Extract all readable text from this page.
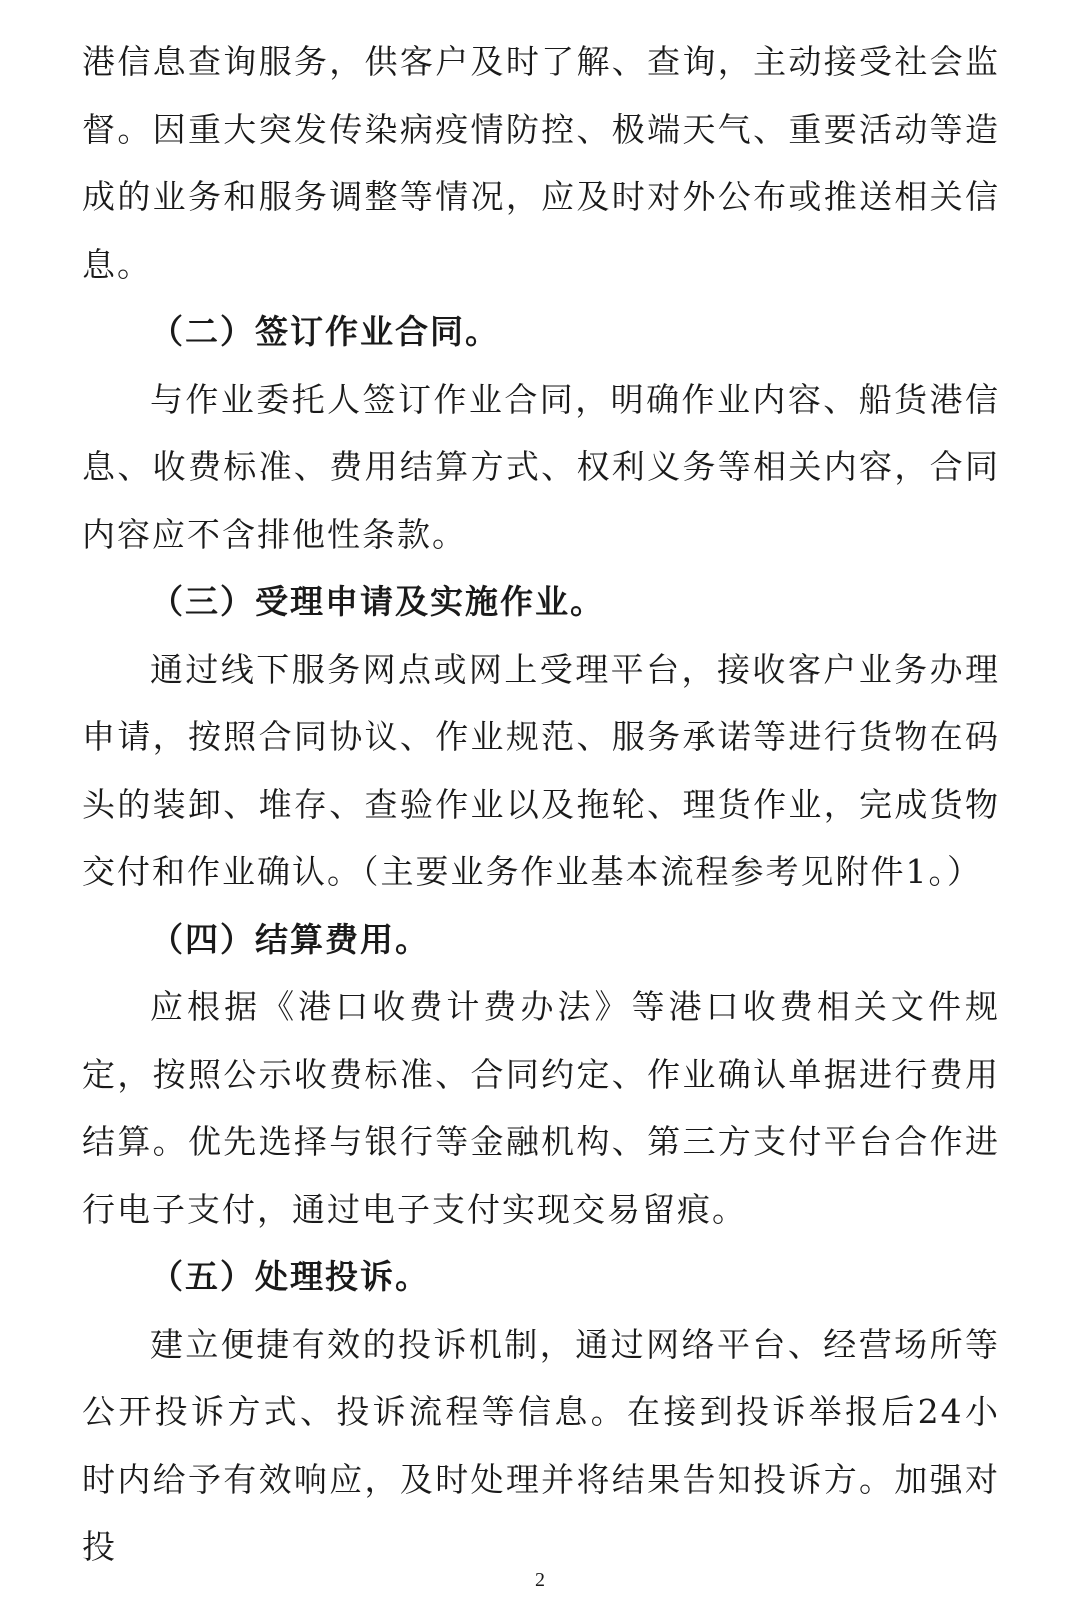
港信息查询服务，供客户及时了解、查询，主动接受社会监督。因重大突发传染病疫情防控、极端天气、重要活动等造成的业务和服务调整等情况，应及时对外公布或推送相关信息。

（二）签订作业合同。

与作业委托人签订作业合同，明确作业内容、船货港信息、收费标准、费用结算方式、权利义务等相关内容，合同内容应不含排他性条款。

（三）受理申请及实施作业。

通过线下服务网点或网上受理平台，接收客户业务办理申请，按照合同协议、作业规范、服务承诺等进行货物在码头的装卸、堆存、查验作业以及拖轮、理货作业，完成货物交付和作业确认。（主要业务作业基本流程参考见附件1。）

（四）结算费用。

应根据《港口收费计费办法》等港口收费相关文件规定，按照公示收费标准、合同约定、作业确认单据进行费用结算。优先选择与银行等金融机构、第三方支付平台合作进行电子支付，通过电子支付实现交易留痕。

（五）处理投诉。

建立便捷有效的投诉机制，通过网络平台、经营场所等公开投诉方式、投诉流程等信息。在接到投诉举报后24小时内给予有效响应，及时处理并将结果告知投诉方。加强对投

2
